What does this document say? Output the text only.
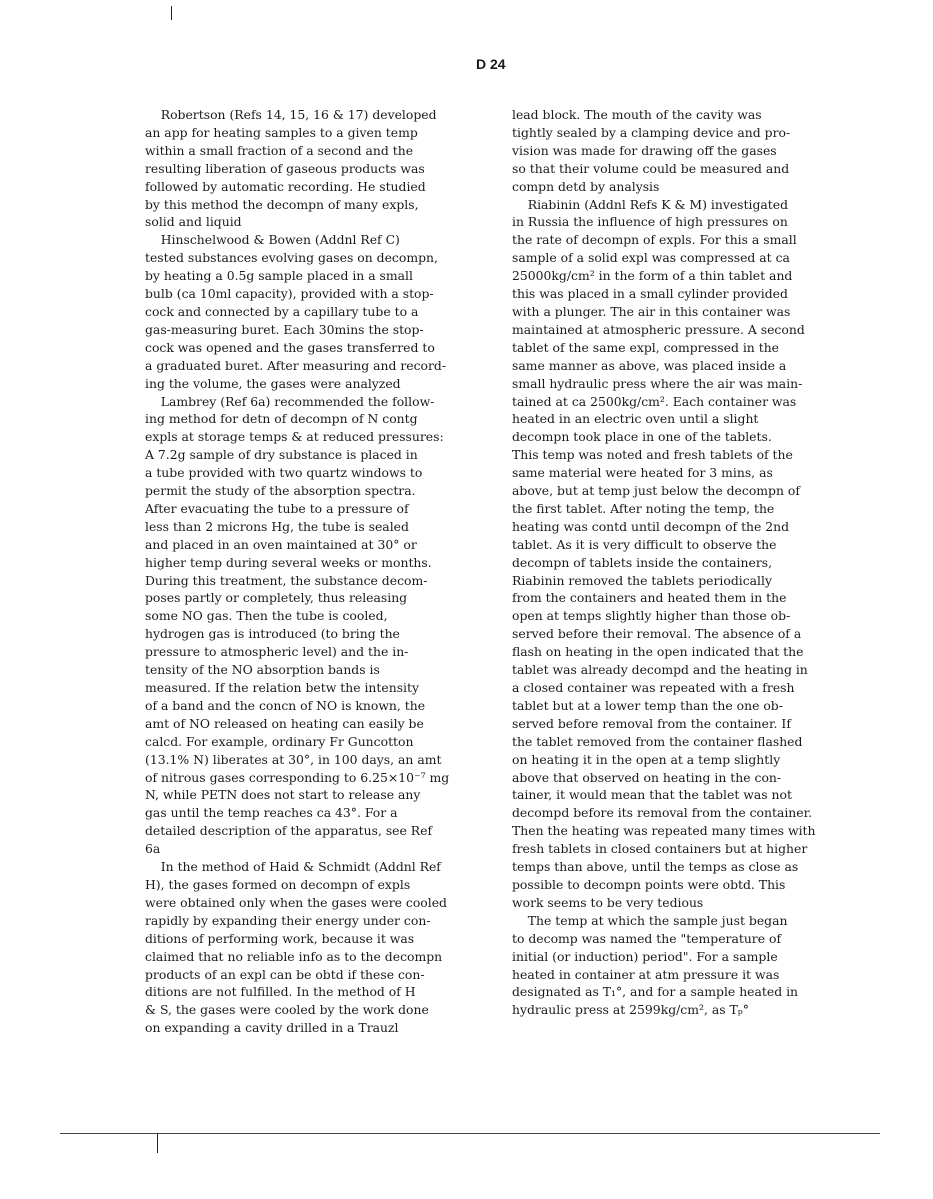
D 24
Robertson (Refs 14, 15, 16 & 17) developed
an app for heating samples to a given temp
within a small fraction of a second and the
resulting liberation of gaseous products was
followed by automatic recording. He studied
by this method the decompn of many expls,
solid and liquid
Hinschelwood & Bowen (Addnl Ref C)
tested substances evolving gases on decompn,
by heating a 0.5g sample placed in a small
bulb (ca 10ml capacity), provided with a stop-
cock and connected by a capillary tube to a
gas-measuring buret. Each 30mins the stop-
cock was opened and the gases transferred to
a graduated buret. After measuring and record-
ing the volume, the gases were analyzed
Lambrey (Ref 6a) recommended the follow-
ing method for detn of decompn of N contg
expls at storage temps & at reduced pressures:
A 7.2g sample of dry substance is placed in
a tube provided with two quartz windows to
permit the study of the absorption spectra.
After evacuating the tube to a pressure of
less than 2 microns Hg, the tube is sealed
and placed in an oven maintained at 30° or
higher temp during several weeks or months.
During this treatment, the substance decom-
poses partly or completely, thus releasing
some NO gas. Then the tube is cooled,
hydrogen gas is introduced (to bring the
pressure to atmospheric level) and the in-
tensity of the NO absorption bands is
measured. If the relation betw the intensity
of a band and the concn of NO is known, the
amt of NO released on heating can easily be
calcd. For example, ordinary Fr Guncotton
(13.1% N) liberates at 30°, in 100 days, an amt
of nitrous gases corresponding to 6.25×10⁻⁷ mg
N, while PETN does not start to release any
gas until the temp reaches ca 43°. For a
detailed description of the apparatus, see Ref
6a
In the method of Haid & Schmidt (Addnl Ref
H), the gases formed on decompn of expls
were obtained only when the gases were cooled
rapidly by expanding their energy under con-
ditions of performing work, because it was
claimed that no reliable info as to the decompn
products of an expl can be obtd if these con-
ditions are not fulfilled. In the method of H
& S, the gases were cooled by the work done
on expanding a cavity drilled in a Trauzl
lead block. The mouth of the cavity was
tightly sealed by a clamping device and pro-
vision was made for drawing off the gases
so that their volume could be measured and
compn detd by analysis
Riabinin (Addnl Refs K & M) investigated
in Russia the influence of high pressures on
the rate of decompn of expls. For this a small
sample of a solid expl was compressed at ca
25000kg/cm² in the form of a thin tablet and
this was placed in a small cylinder provided
with a plunger. The air in this container was
maintained at atmospheric pressure. A second
tablet of the same expl, compressed in the
same manner as above, was placed inside a
small hydraulic press where the air was main-
tained at ca 2500kg/cm². Each container was
heated in an electric oven until a slight
decompn took place in one of the tablets.
This temp was noted and fresh tablets of the
same material were heated for 3 mins, as
above, but at temp just below the decompn of
the first tablet. After noting the temp, the
heating was contd until decompn of the 2nd
tablet. As it is very difficult to observe the
decompn of tablets inside the containers,
Riabinin removed the tablets periodically
from the containers and heated them in the
open at temps slightly higher than those ob-
served before their removal. The absence of a
flash on heating in the open indicated that the
tablet was already decompd and the heating in
a closed container was repeated with a fresh
tablet but at a lower temp than the one ob-
served before removal from the container. If
the tablet removed from the container flashed
on heating it in the open at a temp slightly
above that observed on heating in the con-
tainer, it would mean that the tablet was not
decompd before its removal from the container.
Then the heating was repeated many times with
fresh tablets in closed containers but at higher
temps than above, until the temps as close as
possible to decompn points were obtd. This
work seems to be very tedious
The temp at which the sample just began
to decomp was named the "temperature of
initial (or induction) period". For a sample
heated in container at atm pressure it was
designated as T₁°, and for a sample heated in
hydraulic press at 2599kg/cm², as Tₚ°
